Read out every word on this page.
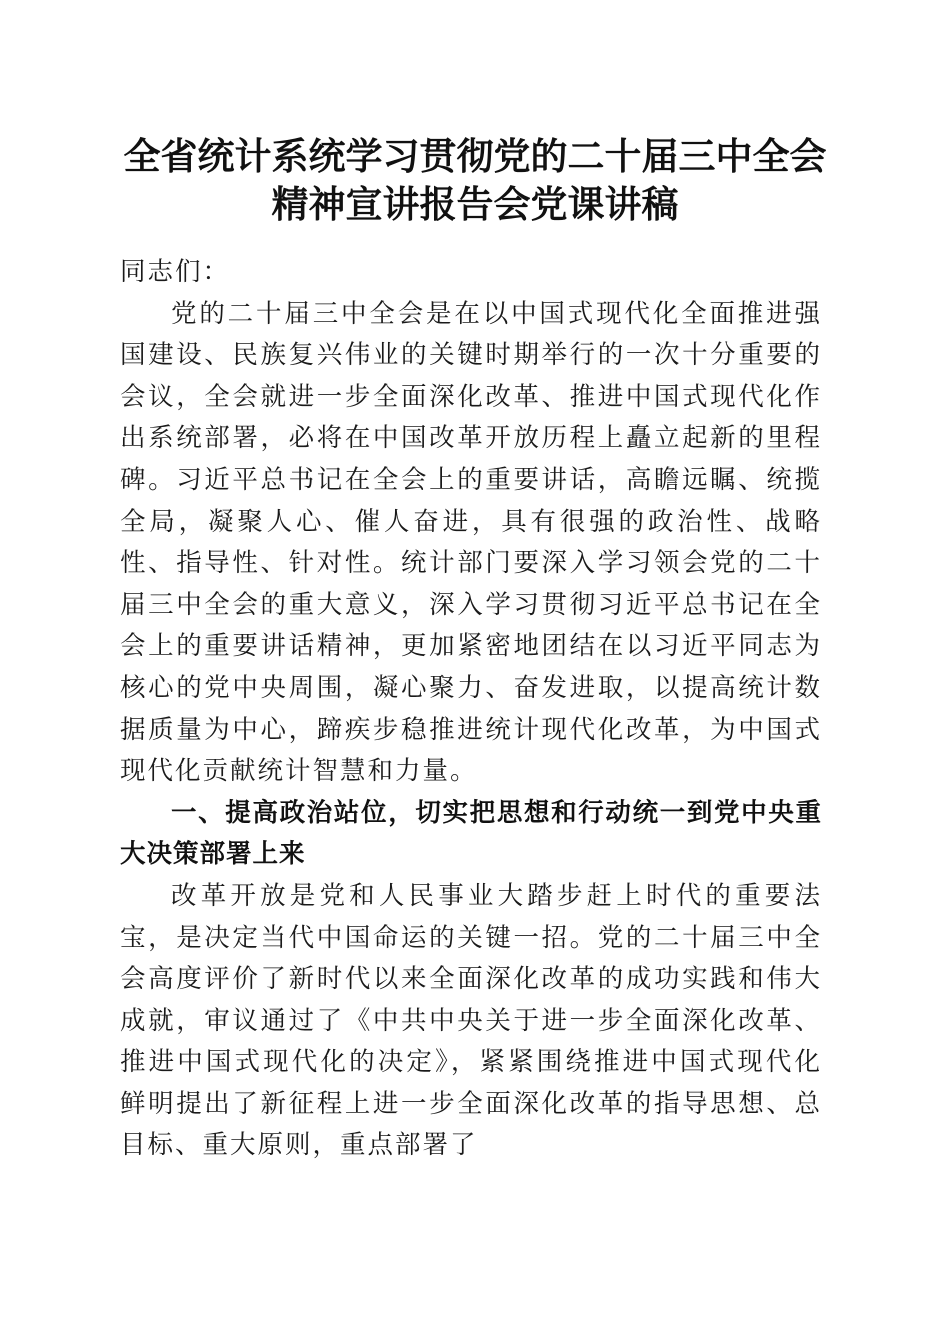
全省统计系统学习贯彻党的二十届三中全会精神宣讲报告会党课讲稿

同志们：

党的二十届三中全会是在以中国式现代化全面推进强国建设、民族复兴伟业的关键时期举行的一次十分重要的会议，全会就进一步全面深化改革、推进中国式现代化作出系统部署，必将在中国改革开放历程上矗立起新的里程碑。习近平总书记在全会上的重要讲话，高瞻远瞩、统揽全局，凝聚人心、催人奋进，具有很强的政治性、战略性、指导性、针对性。统计部门要深入学习领会党的二十届三中全会的重大意义，深入学习贯彻习近平总书记在全会上的重要讲话精神，更加紧密地团结在以习近平同志为核心的党中央周围，凝心聚力、奋发进取，以提高统计数据质量为中心，蹄疾步稳推进统计现代化改革，为中国式现代化贡献统计智慧和力量。

一、提高政治站位，切实把思想和行动统一到党中央重大决策部署上来

改革开放是党和人民事业大踏步赶上时代的重要法宝，是决定当代中国命运的关键一招。党的二十届三中全会高度评价了新时代以来全面深化改革的成功实践和伟大成就，审议通过了《中共中央关于进一步全面深化改革、推进中国式现代化的决定》，紧紧围绕推进中国式现代化鲜明提出了新征程上进一步全面深化改革的指导思想、总目标、重大原则，重点部署了
